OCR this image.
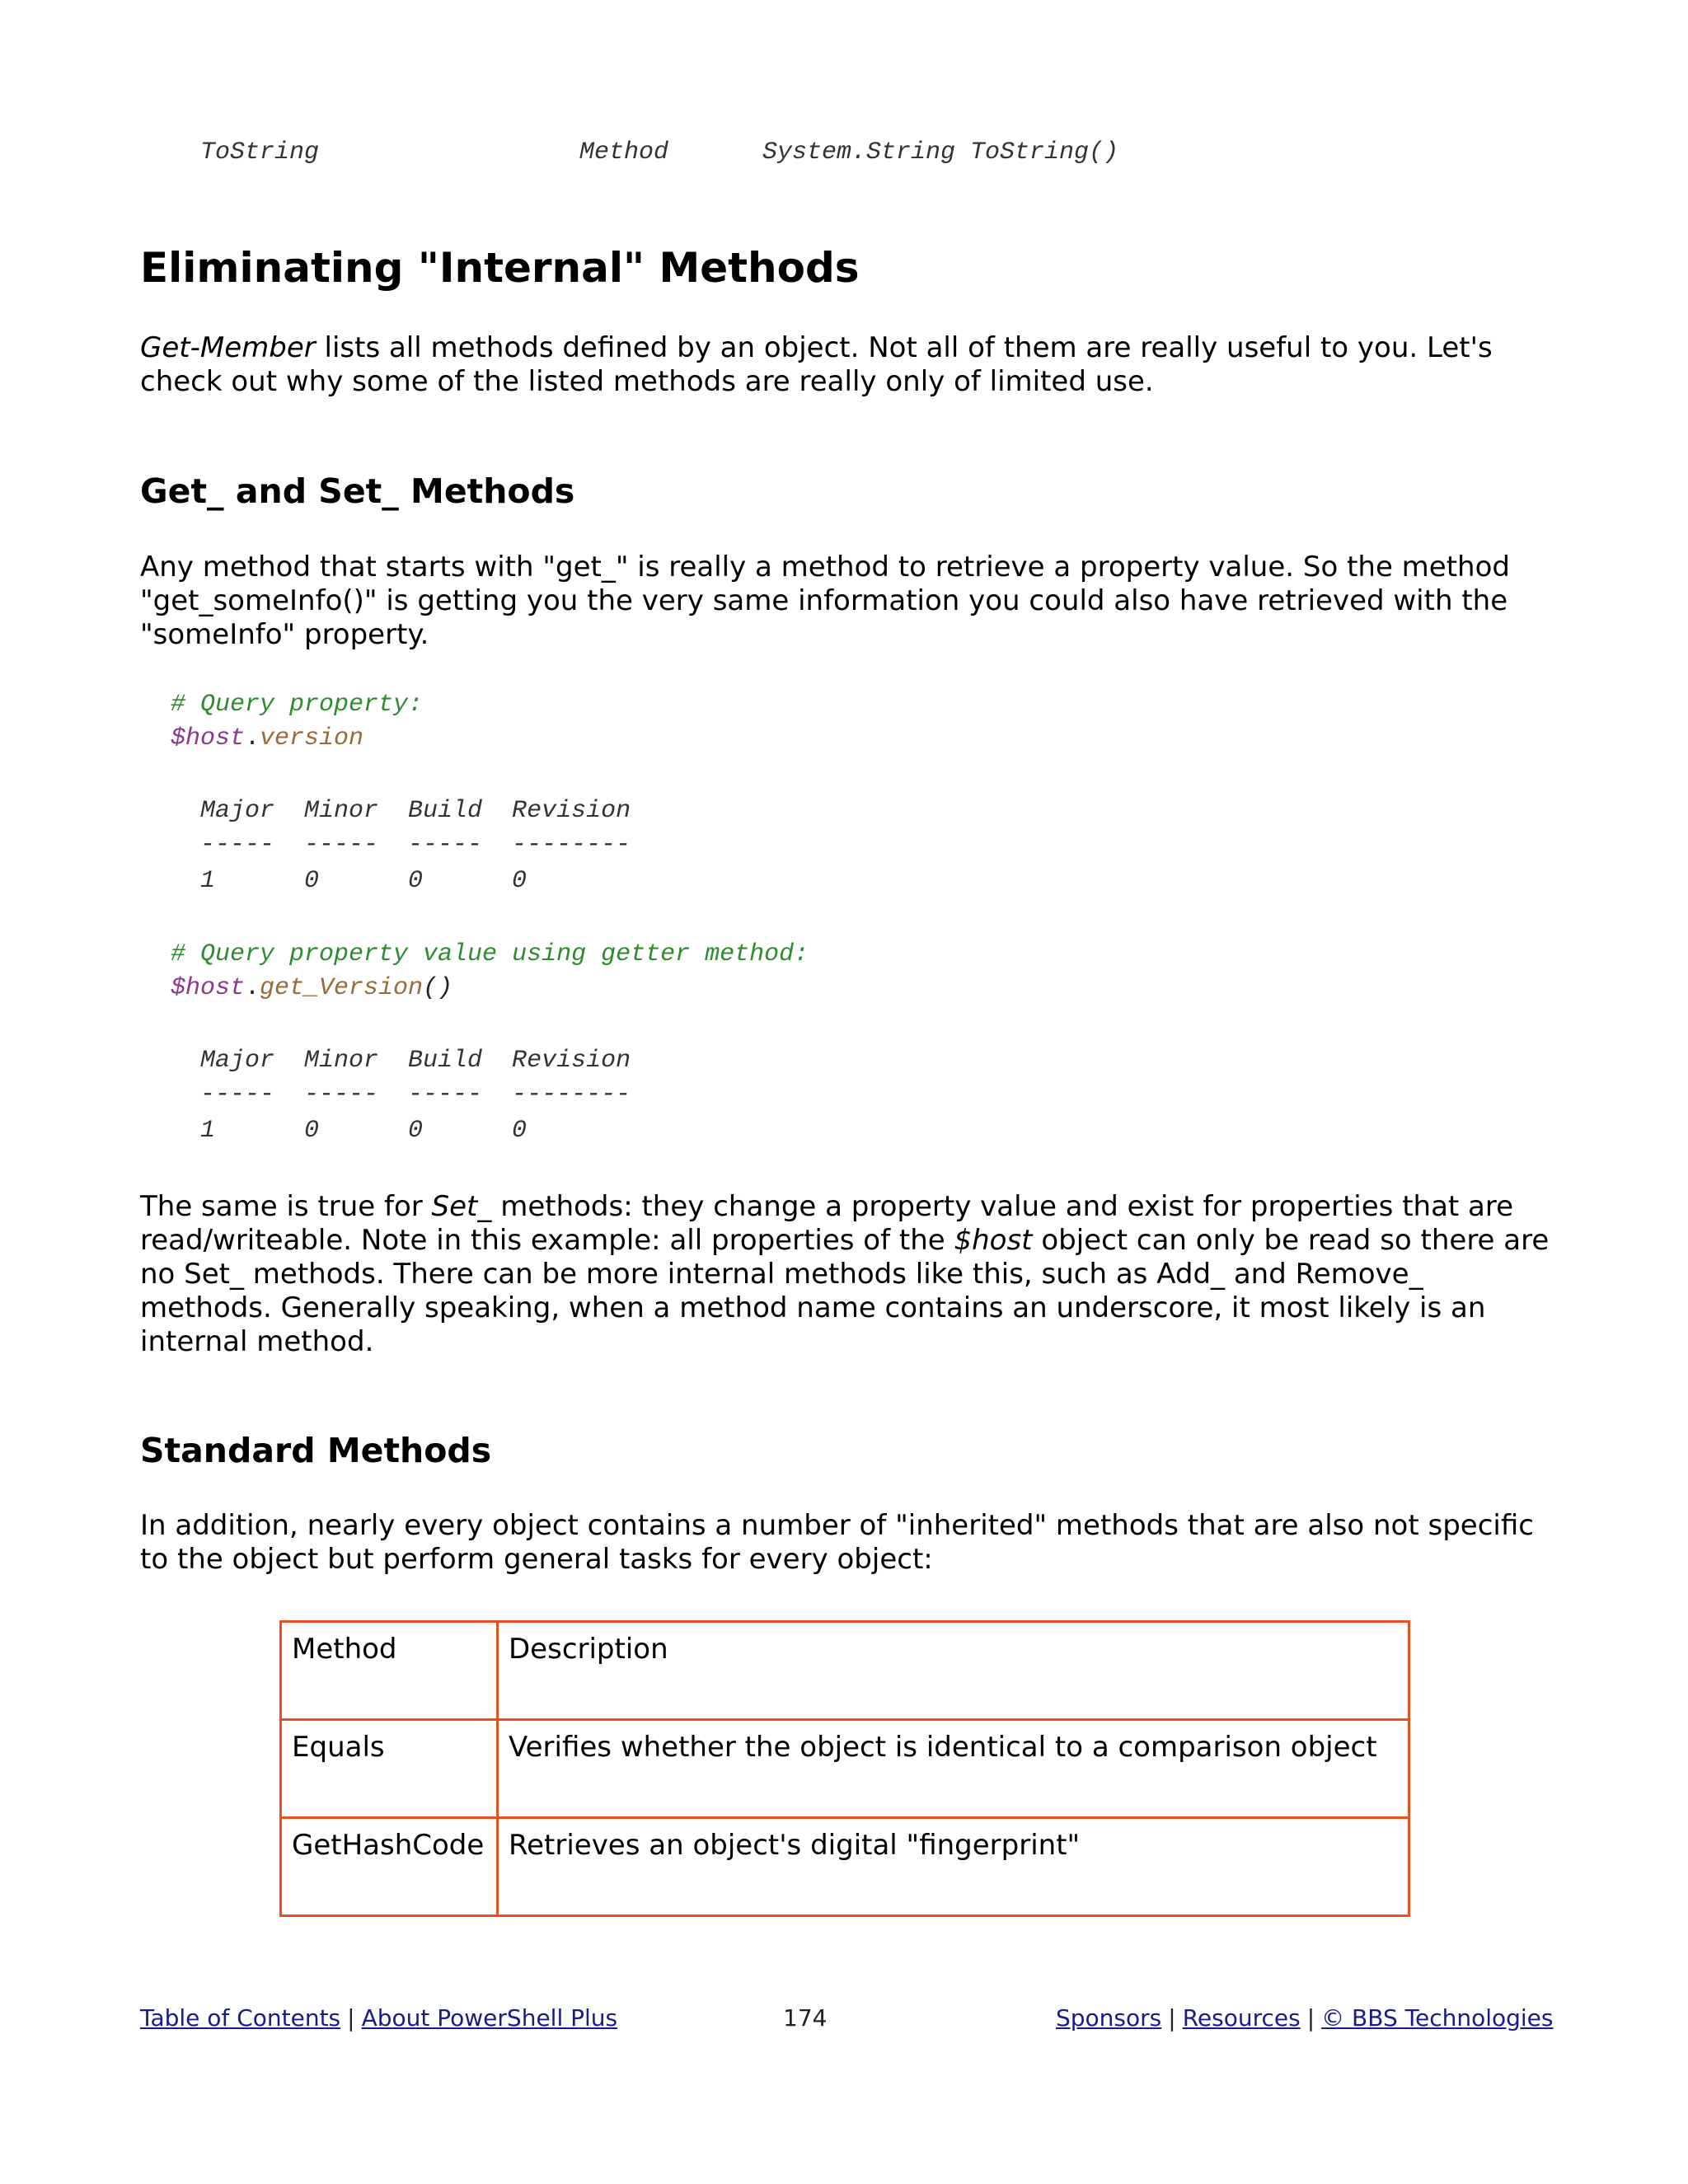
ToString	Method	System.String ToString()
Eliminating "Internal" Methods
Get-Member lists all methods defined by an object. Not all of them are really useful to you. Let's check out why some of the listed methods are really only of limited use.
Get_ and Set_ Methods
Any method that starts with "get_" is really a method to retrieve a property value. So the method "get_someInfo()" is getting you the very same information you could also have retrieved with the "someInfo" property.
# Query property:
$host.version
Major  Minor  Build  Revision
-----  -----  -----  --------
1      0      0      0
# Query property value using getter method:
$host.get_Version()
Major  Minor  Build  Revision
-----  -----  -----  --------
1      0      0      0
The same is true for Set_ methods: they change a property value and exist for properties that are read/writeable. Note in this example: all properties of the $host object can only be read so there are no Set_ methods. There can be more internal methods like this, such as Add_ and Remove_ methods. Generally speaking, when a method name contains an underscore, it most likely is an internal method.
Standard Methods
In addition, nearly every object contains a number of "inherited" methods that are also not specific to the object but perform general tasks for every object:
Method	Description
Equals	Verifies whether the object is identical to a comparison object
GetHashCode	Retrieves an object's digital "fingerprint"
Table of Contents | About PowerShell Plus	174	Sponsors | Resources | © BBS Technologies
